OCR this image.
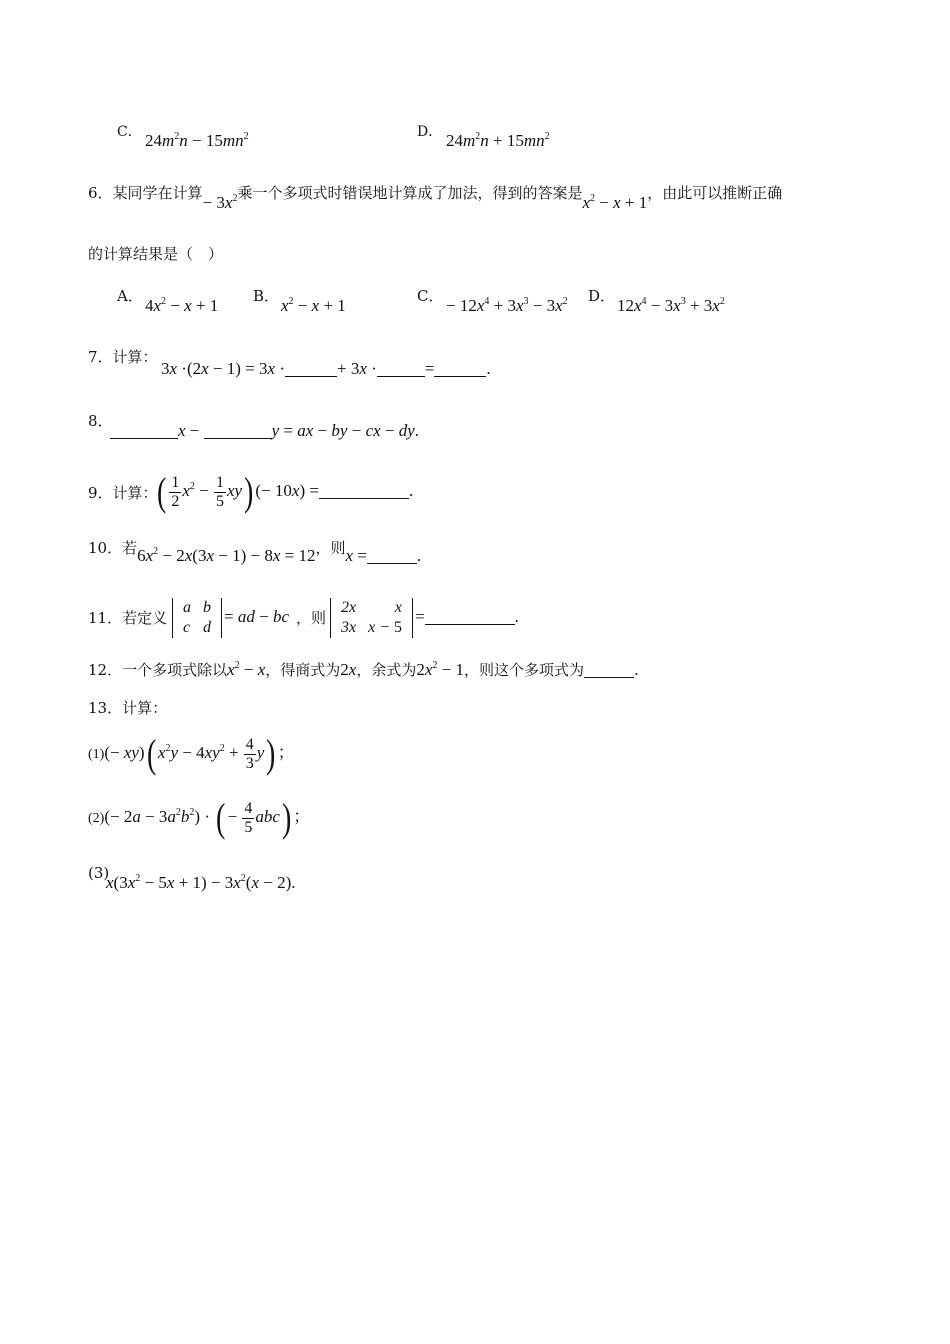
C． $24m^2n - 15mn^2$	D． $24m^2n + 15mn^2$
6．某同学在计算− $3x^2$乘一个多项式时错误地计算成了加法，得到的答案是$x^2 - x + 1$，由此可以推断正确
的计算结果是（　）
A． $4x^2 - x + 1$ B． $x^2 - x + 1$	C． − $12x^4 + 3x^3 - 3x^2$ D． $12x^4 - 3x^3 + 3x^2$
7．计算：
3x ·(2x − 1) = 3x ·	+ 3x ·	=	.
8．	x −	y = ax − by − cx − dy.
9．计算： ( $\frac{1}{2} x^2 - \frac{1}{5} xy$) (− 10x) =	.
10．若$6x^2 - 2x(3x - 1) - 8x = 12$，则x =	.
11．若定义
a	b
c	d
= ad − bc ，则
2x	x
3x	x − 5
=	.
12．一个多项式除以$x^2 - x$，得商式为2x，余式为$2x^2 - 1$，则这个多项式为	.
13．计算：
(1)(− xy)( $x^2y - 4xy^2 + \frac{4}{3} y$) ；
$(2)(- 2a - 3a^2b^2)$ · ( − $\frac{4}{5} abc$) ；
(3)
$x(3x^2 - 5x + 1) - 3x^2(x - 2)$.
